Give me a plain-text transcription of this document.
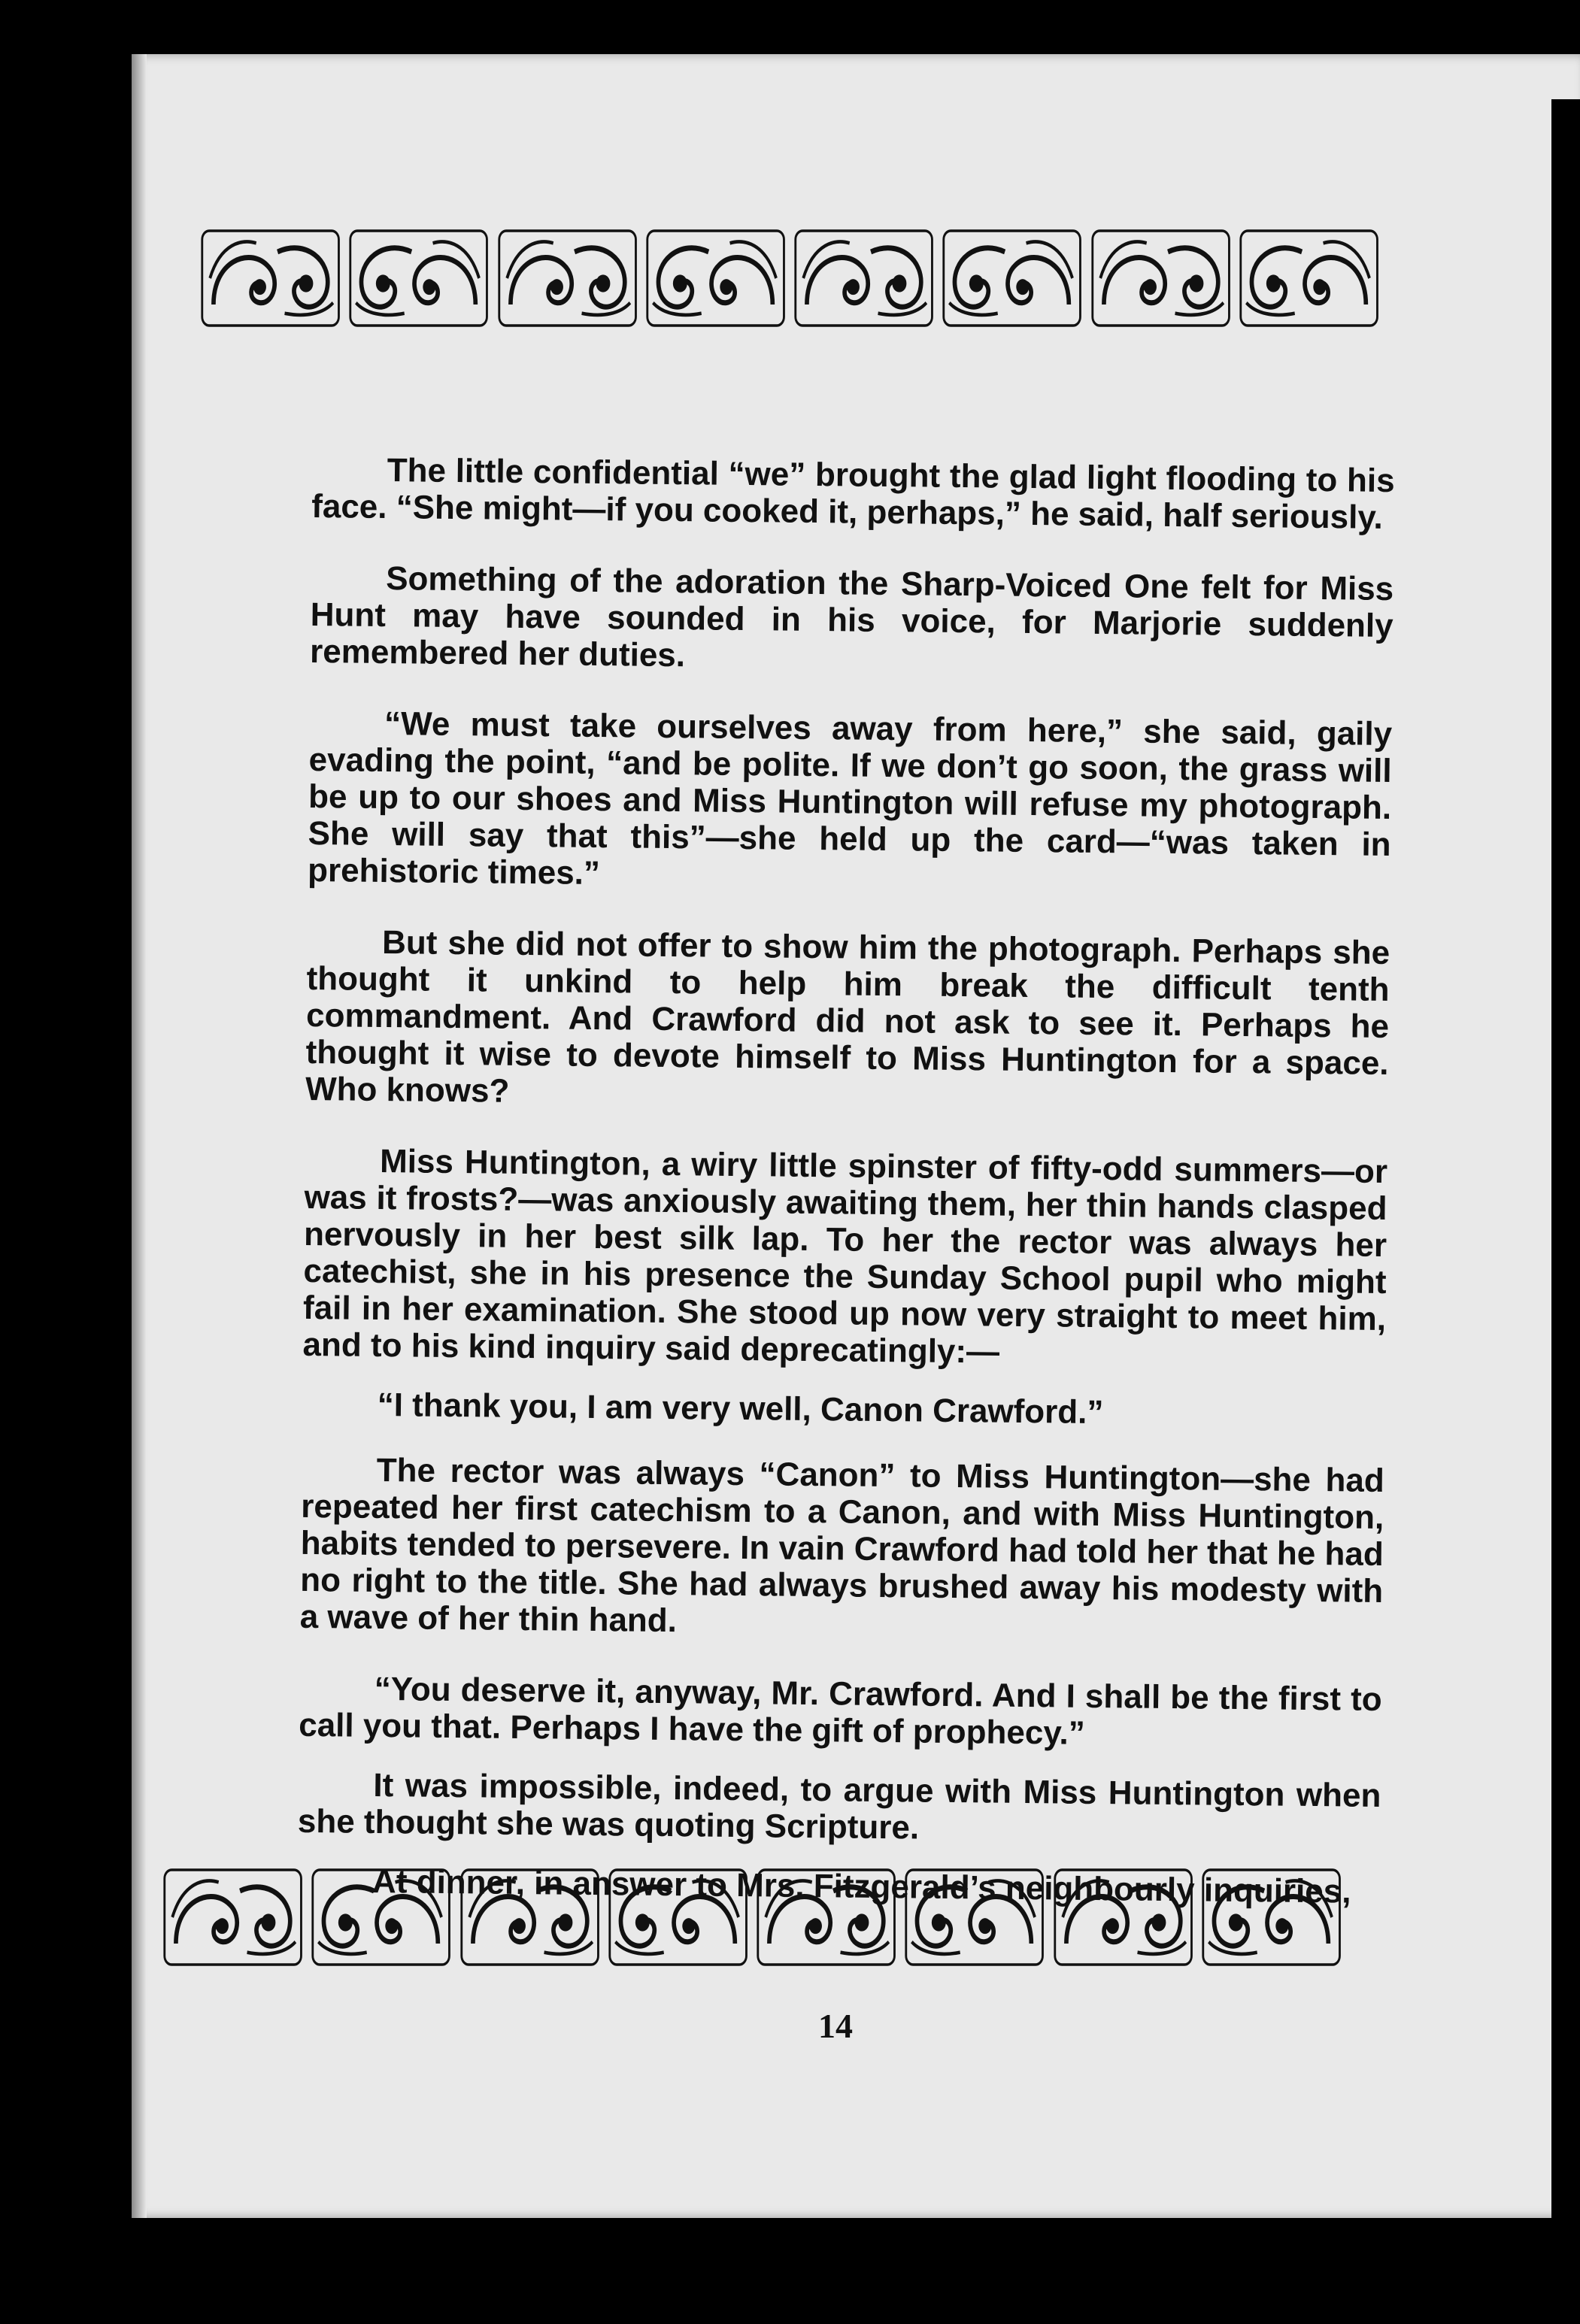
The little confidential “we” brought the glad light flooding to his face. “She might—if you cooked it, perhaps,” he said, half seriously.

Something of the adoration the Sharp-Voiced One felt for Miss Hunt may have sounded in his voice, for Marjorie suddenly remembered her duties.

“We must take ourselves away from here,” she said, gaily evading the point, “and be polite. If we don’t go soon, the grass will be up to our shoes and Miss Huntington will refuse my photograph. She will say that this”—she held up the card—“was taken in prehistoric times.”

But she did not offer to show him the photograph. Perhaps she thought it unkind to help him break the difficult tenth commandment. And Crawford did not ask to see it. Perhaps he thought it wise to devote himself to Miss Huntington for a space. Who knows?

Miss Huntington, a wiry little spinster of fifty-odd summers—or was it frosts?—was anxiously awaiting them, her thin hands clasped nervously in her best silk lap. To her the rector was always her catechist, she in his presence the Sunday School pupil who might fail in her examination. She stood up now very straight to meet him, and to his kind inquiry said deprecatingly:—

“I thank you, I am very well, Canon Crawford.”

The rector was always “Canon” to Miss Huntington—she had repeated her first catechism to a Canon, and with Miss Huntington, habits tended to persevere. In vain Crawford had told her that he had no right to the title. She had always brushed away his modesty with a wave of her thin hand.

“You deserve it, anyway, Mr. Crawford. And I shall be the first to call you that. Perhaps I have the gift of prophecy.”

It was impossible, indeed, to argue with Miss Huntington when she thought she was quoting Scripture.

At dinner, in answer to Mrs. Fitzgerald’s neighbourly inquiries,

14
